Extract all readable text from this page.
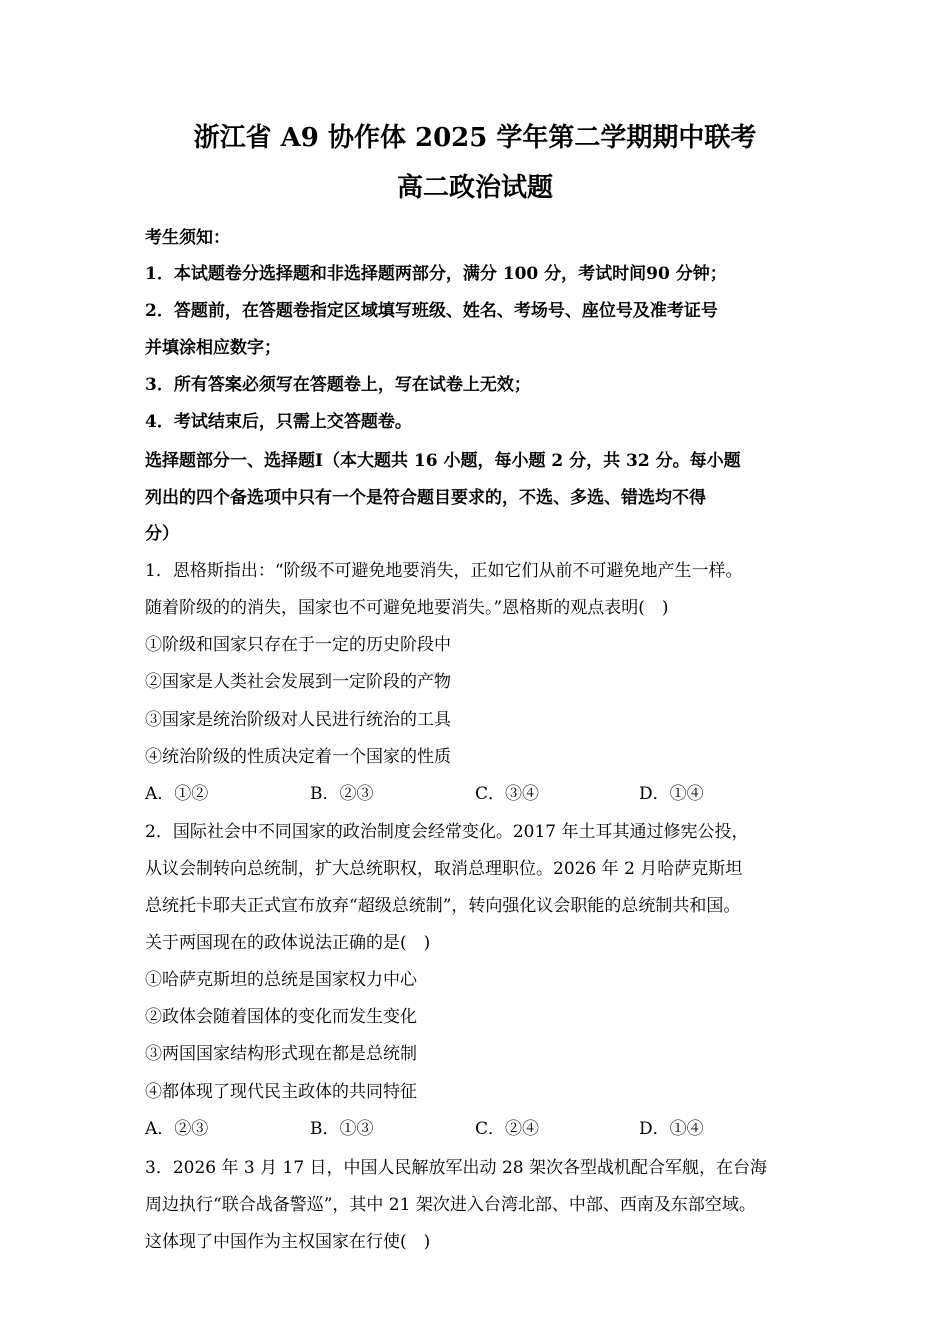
浙江省 A9 协作体 2025 学年第二学期期中联考
高二政治试题
考生须知：
1．本试题卷分选择题和非选择题两部分，满分 100 分，考试时间90 分钟；
2．答题前，在答题卷指定区域填写班级、姓名、考场号、座位号及准考证号
并填涂相应数字；
3．所有答案必须写在答题卷上，写在试卷上无效；
4．考试结束后，只需上交答题卷。
选择题部分一、选择题Ⅰ（本大题共 16 小题，每小题 2 分，共 32 分。每小题
列出的四个备选项中只有一个是符合题目要求的，不选、多选、错选均不得
分）
1．恩格斯指出：“阶级不可避免地要消失，正如它们从前不可避免地产生一样。
随着阶级的的消失，国家也不可避免地要消失。”恩格斯的观点表明(　)
①阶级和国家只存在于一定的历史阶段中
②国家是人类社会发展到一定阶段的产物
③国家是统治阶级对人民进行统治的工具
④统治阶级的性质决定着一个国家的性质
A．①②	B．②③	C．③④	D．①④
2．国际社会中不同国家的政治制度会经常变化。2017 年土耳其通过修宪公投，
从议会制转向总统制，扩大总统职权，取消总理职位。2026 年 2 月哈萨克斯坦
总统托卡耶夫正式宣布放弃“超级总统制”，转向强化议会职能的总统制共和国。
关于两国现在的政体说法正确的是(　)
①哈萨克斯坦的总统是国家权力中心
②政体会随着国体的变化而发生变化
③两国国家结构形式现在都是总统制
④都体现了现代民主政体的共同特征
A．②③	B．①③	C．②④	D．①④
3．2026 年 3 月 17 日，中国人民解放军出动 28 架次各型战机配合军舰，在台海
周边执行“联合战备警巡”，其中 21 架次进入台湾北部、中部、西南及东部空域。
这体现了中国作为主权国家在行使(　)
